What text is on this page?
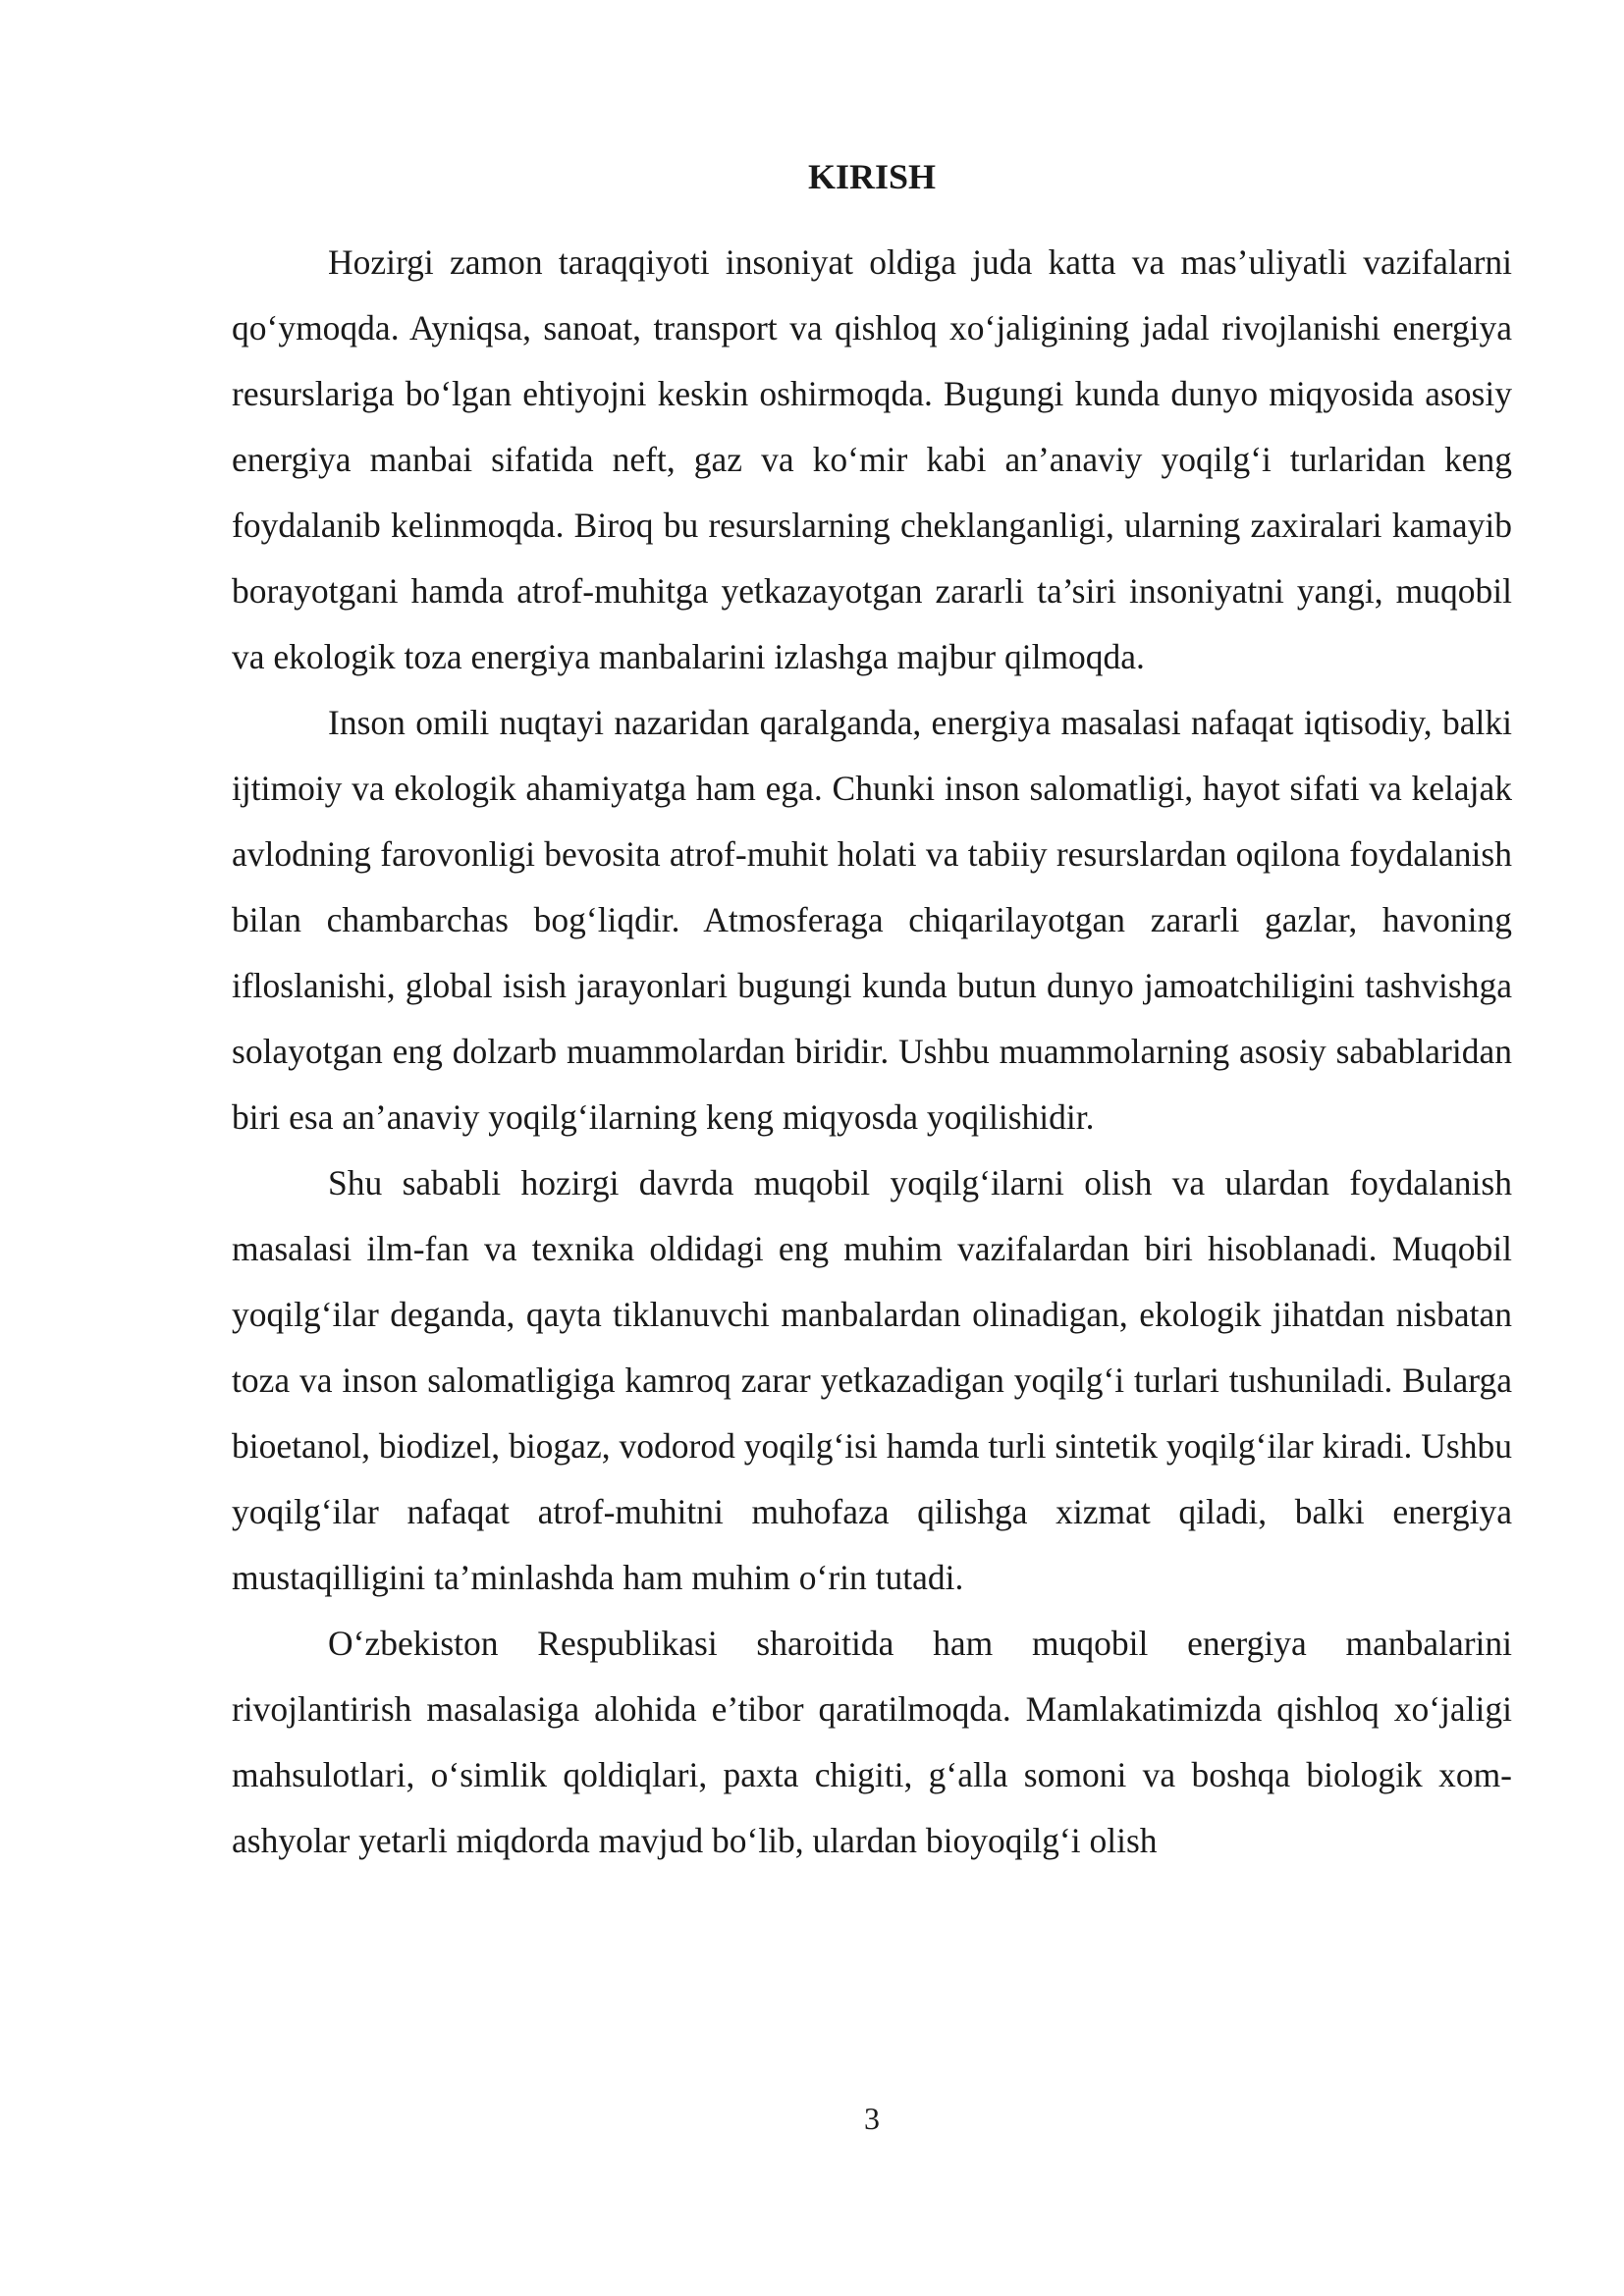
KIRISH

Hozirgi zamon taraqqiyoti insoniyat oldiga juda katta va mas’uliyatli vazifalarni qo‘ymoqda. Ayniqsa, sanoat, transport va qishloq xo‘jaligining jadal rivojlanishi energiya resurslariga bo‘lgan ehtiyojni keskin oshirmoqda. Bugungi kunda dunyo miqyosida asosiy energiya manbai sifatida neft, gaz va ko‘mir kabi an’anaviy yoqilg‘i turlaridan keng foydalanib kelinmoqda. Biroq bu resurslarning cheklanganligi, ularning zaxiralari kamayib borayotgani hamda atrof-muhitga yetkazayotgan zararli ta’siri insoniyatni yangi, muqobil va ekologik toza energiya manbalarini izlashga majbur qilmoqda.

Inson omili nuqtayi nazaridan qaralganda, energiya masalasi nafaqat iqtisodiy, balki ijtimoiy va ekologik ahamiyatga ham ega. Chunki inson salomatligi, hayot sifati va kelajak avlodning farovonligi bevosita atrof-muhit holati va tabiiy resurslardan oqilona foydalanish bilan chambarchas bog‘liqdir. Atmosferaga chiqarilayotgan zararli gazlar, havoning ifloslanishi, global isish jarayonlari bugungi kunda butun dunyo jamoatchiligini tashvishga solayotgan eng dolzarb muammolardan biridir. Ushbu muammolarning asosiy sabablaridan biri esa an’anaviy yoqilg‘ilarning keng miqyosda yoqilishidir.

Shu sababli hozirgi davrda muqobil yoqilg‘ilarni olish va ulardan foydalanish masalasi ilm-fan va texnika oldidagi eng muhim vazifalardan biri hisoblanadi. Muqobil yoqilg‘ilar deganda, qayta tiklanuvchi manbalardan olinadigan, ekologik jihatdan nisbatan toza va inson salomatligiga kamroq zarar yetkazadigan yoqilg‘i turlari tushuniladi. Bularga bioetanol, biodizel, biogaz, vodorod yoqilg‘isi hamda turli sintetik yoqilg‘ilar kiradi. Ushbu yoqilg‘ilar nafaqat atrof-muhitni muhofaza qilishga xizmat qiladi, balki energiya mustaqilligini ta’minlashda ham muhim o‘rin tutadi.

O‘zbekiston Respublikasi sharoitida ham muqobil energiya manbalarini rivojlantirish masalasiga alohida e’tibor qaratilmoqda. Mamlakatimizda qishloq xo‘jaligi mahsulotlari, o‘simlik qoldiqlari, paxta chigiti, g‘alla somoni va boshqa biologik xom-ashyolar yetarli miqdorda mavjud bo‘lib, ulardan bioyoqilg‘i olish

3
